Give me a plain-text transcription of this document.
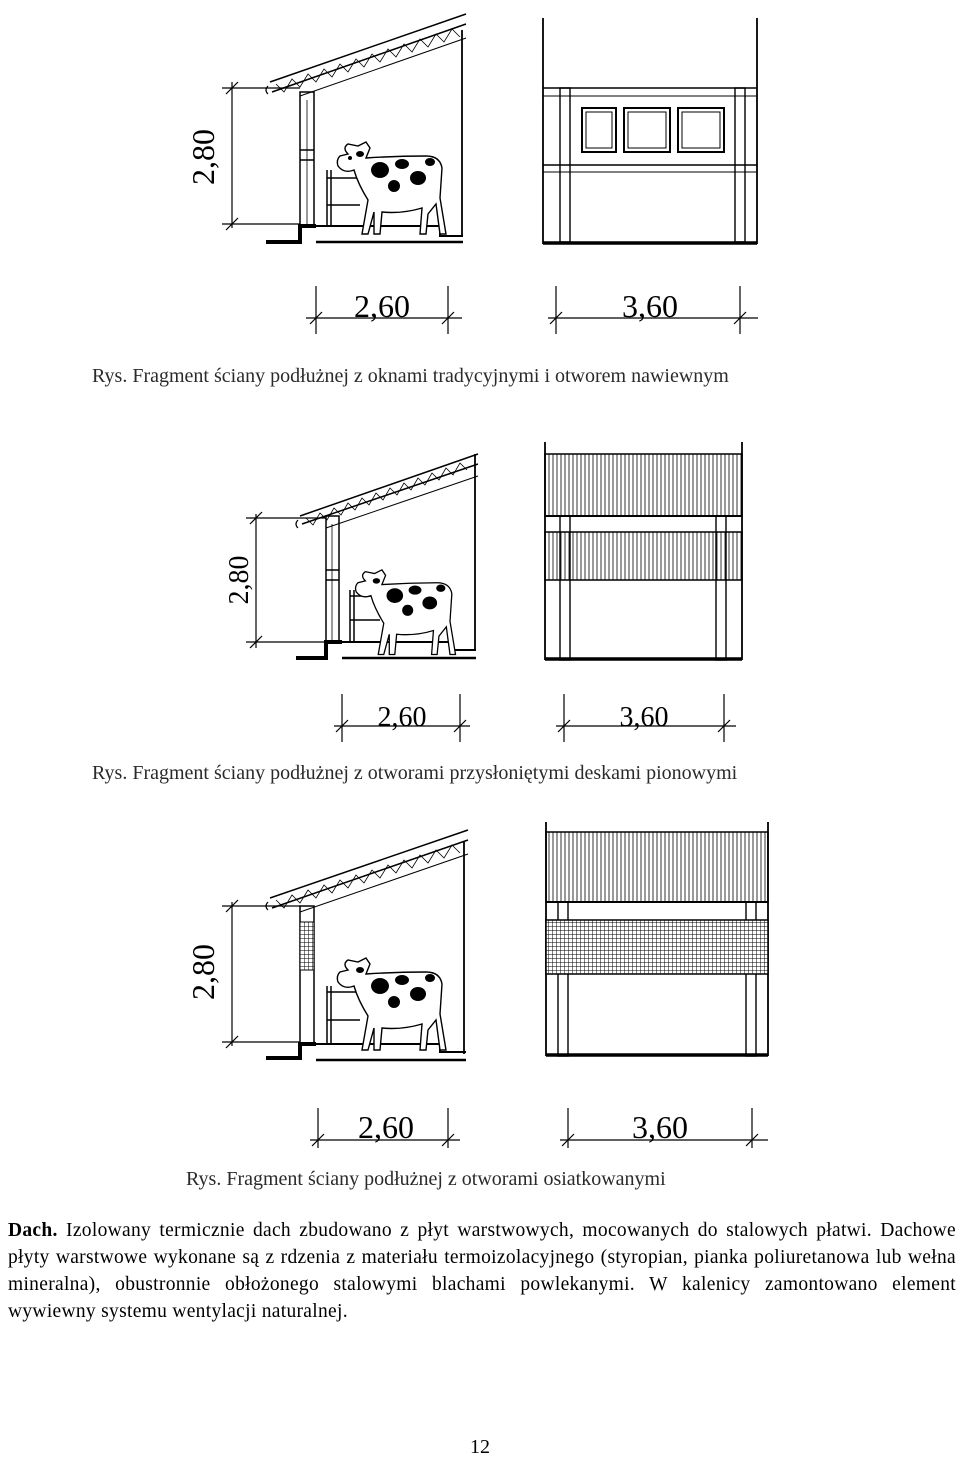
2,80
2,60	3,60
Rys. Fragment ściany podłużnej z oknami tradycyjnymi i otworem nawiewnym
2,80
2,60	3,60
Rys. Fragment ściany podłużnej z otworami przysłoniętymi deskami pionowymi
2,80
2,60	3,60
Rys. Fragment ściany podłużnej z otworami osiatkowanymi
Dach. Izolowany termicznie dach zbudowano z płyt warstwowych, mocowanych do stalowych płatwi. Dachowe płyty warstwowe wykonane są z rdzenia z materiału termoizolacyjnego (styropian, pianka poliuretanowa lub wełna mineralna), obustronnie obłożonego stalowymi blachami powlekanymi. W kalenicy zamontowano element wywiewny systemu wentylacji naturalnej.
12
